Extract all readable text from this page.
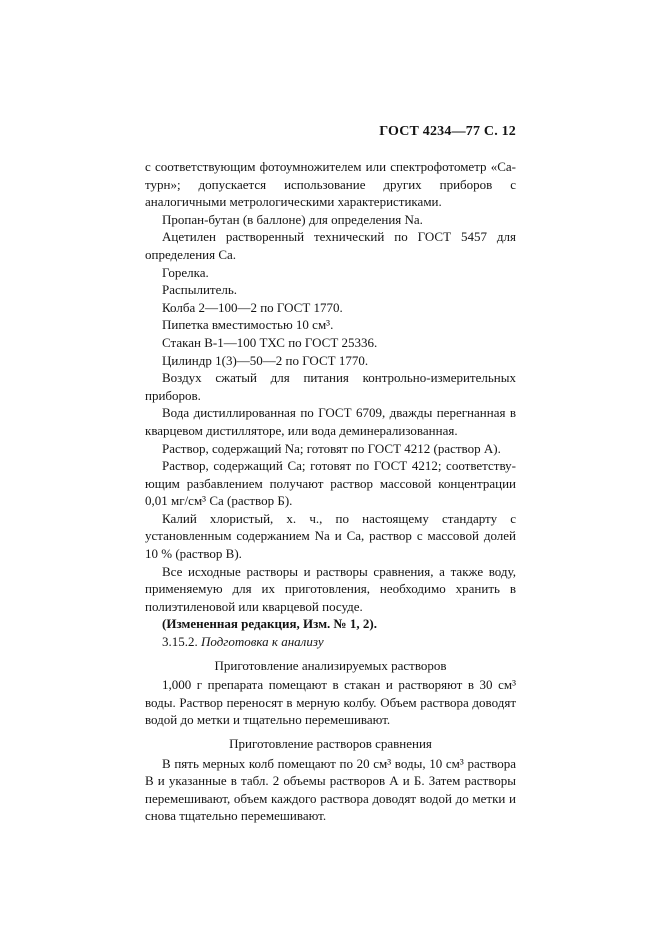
ГОСТ 4234—77 С. 12

с соответствующим фотоумножителем или спектрофотометр «Сатурн»; допускается использование других приборов с аналогичными метрологическими характеристиками.

Пропан-бутан (в баллоне) для определения Na.

Ацетилен растворенный технический по ГОСТ 5457 для определения Са.

Горелка.

Распылитель.

Колба 2—100—2 по ГОСТ 1770.

Пипетка вместимостью 10 см³.

Стакан В-1—100 ТХС по ГОСТ 25336.

Цилиндр 1(3)—50—2 по ГОСТ 1770.

Воздух сжатый для питания контрольно-измерительных приборов.

Вода дистиллированная по ГОСТ 6709, дважды перегнанная в кварцевом дистилляторе, или вода деминерализованная.

Раствор, содержащий Na; готовят по ГОСТ 4212 (раствор А).

Раствор, содержащий Са; готовят по ГОСТ 4212; соответствующим разбавлением получают раствор массовой концентрации 0,01 мг/см³ Са (раствор Б).

Калий хлористый, х. ч., по настоящему стандарту с установленным содержанием Na и Са, раствор с массовой долей 10 % (раствор В).

Все исходные растворы и растворы сравнения, а также воду, применяемую для их приготовления, необходимо хранить в полиэтиленовой или кварцевой посуде.

(Измененная редакция, Изм. № 1, 2).

3.15.2. Подготовка к анализу

Приготовление анализируемых растворов

1,000 г препарата помещают в стакан и растворяют в 30 см³ воды. Раствор переносят в мерную колбу. Объем раствора доводят водой до метки и тщательно перемешивают.

Приготовление растворов сравнения

В пять мерных колб помещают по 20 см³ воды, 10 см³ раствора В и указанные в табл. 2 объемы растворов А и Б. Затем растворы перемешивают, объем каждого раствора доводят водой до метки и снова тщательно перемешивают.
